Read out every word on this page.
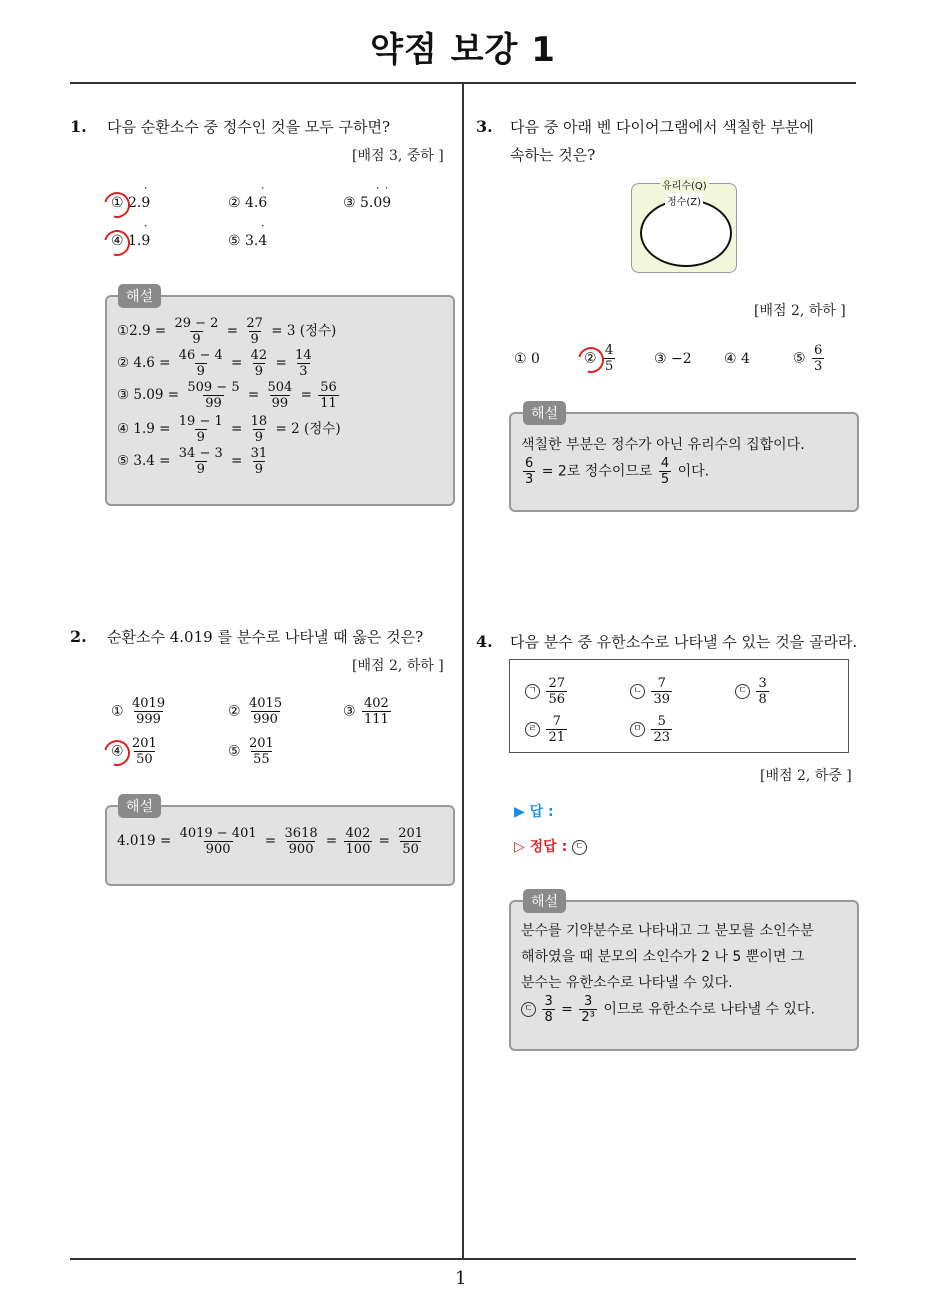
약점 보강 1
1
1. 다음 순환소수 중 정수인 것을 모두 구하면?
[배점 3, 중하 ]
① 2.˙ 9	② 4.˙ 6	③ 5.˙ 0˙ 9
④ 1.˙ 9	⑤ 3.˙ 4
해설
①2.9 = $\frac{29 - 2}{9} = \frac{27}{9} = 3$ (정수)
② $4.6 = \frac{46 - 4}{9} = \frac{42}{9} = \frac{14}{3}$
③ $5.09 = \frac{509 - 5}{99} = \frac{504}{99} = \frac{56}{11}$
④ $1.9 = \frac{19 - 1}{9} = \frac{18}{9} = 2$ (정수)
⑤ $3.4 = \frac{34 - 3}{9} = \frac{31}{9}$
2. 순환소수 4.019 를 분수로 나타낼 때 옳은 것은?
[배점 2, 하하 ]
① $\frac{4019}{999}$	② $\frac{4015}{990}$	③ $\frac{402}{111}$
④ $\frac{201}{50}$	⑤ $\frac{201}{55}$
해설
$4.019 = \frac{4019 - 401}{900} = \frac{3618}{900} = \frac{402}{100} = \frac{201}{50}$
3. 다음 중 아래 벤 다이어그램에서 색칠한 부분에
속하는 것은?
유리수(Q)
정수(Z)
[배점 2, 하하 ]
① 0	② $\frac{4}{5}$	③ −2 ④ 4	⑤ $\frac{6}{3}$
해설
색칠한 부분은 정수가 아닌 유리수의 집합이다.
$\frac{6}{3} = 2$로 정수이므로 $\frac{4}{5}$ 이다.
4. 다음 분수 중 유한소수로 나타낼 수 있는 것을 골라라.
ㄱ $\frac{27}{56}$	ㄴ $\frac{7}{39}$	ㄷ $\frac{3}{8}$
ㄹ $\frac{7}{21}$	ㅁ $\frac{5}{23}$
[배점 2, 하중 ]
▶ 답 :
▷ 정답 : ㄷ
해설
분수를 기약분수로 나타내고 그 분모를 소인수분
해하였을 때 분모의 소인수가 2 나 5 뿐이면 그
분수는 유한소수로 나타낼 수 있다.
ㄷ $\frac{3}{8} = \frac{3}{\text{2³}}$ 이므로 유한소수로 나타낼 수 있다.
